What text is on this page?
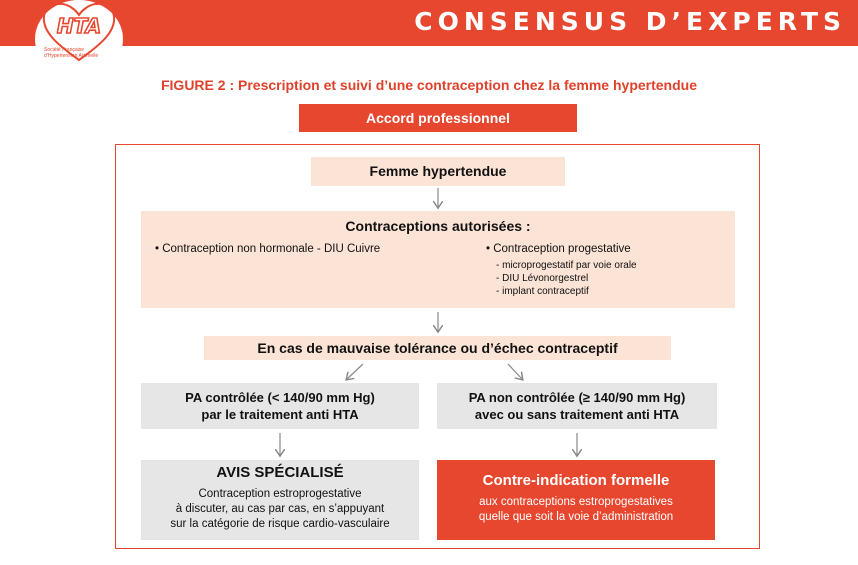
CONSENSUS D’EXPERTS
HTA
Société Française
d’Hypertension Artérielle
FIGURE 2 : Prescription et suivi d’une contraception chez la femme hypertendue
Accord professionnel
Femme hypertendue
Contraceptions autorisées :
• Contraception non hormonale - DIU Cuivre	• Contraception progestative
- microprogestatif par voie orale
- DIU Lévonorgestrel
- implant contraceptif
En cas de mauvaise tolérance ou d’échec contraceptif
PA contrôlée (< 140/90 mm Hg)
par le traitement anti HTA
PA non contrôlée (≥ 140/90 mm Hg)
avec ou sans traitement anti HTA
AVIS SPÉCIALISÉ
Contraception estroprogestative
à discuter, au cas par cas, en s’appuyant
sur la catégorie de risque cardio-vasculaire
Contre-indication formelle
aux contraceptions estroprogestatives
quelle que soit la voie d’administration
